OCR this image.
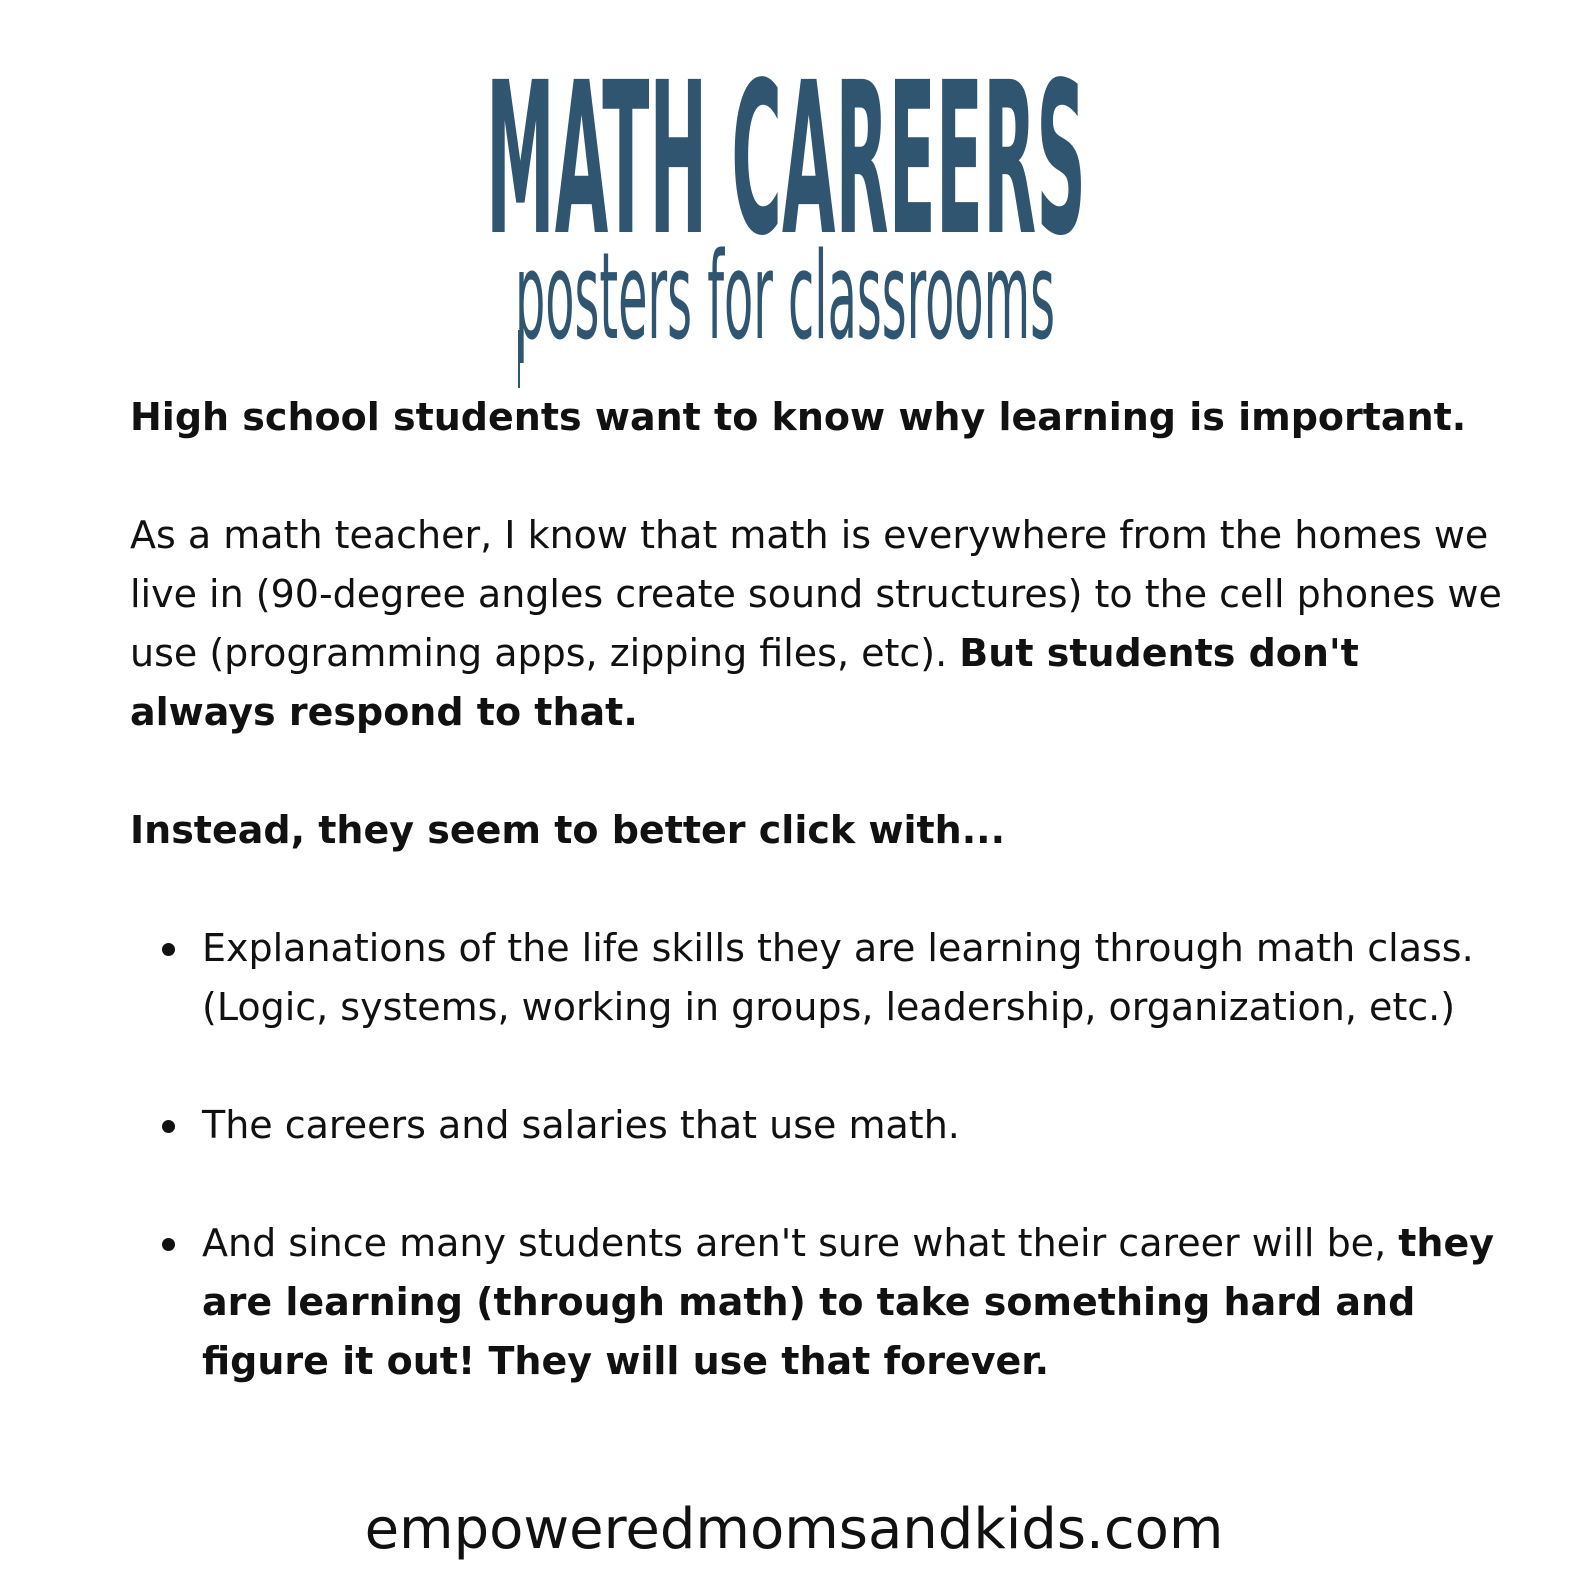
MATH CAREERS
posters for classrooms

High school students want to know why learning is important.

As a math teacher, I know that math is everywhere from the homes we live in (90-degree angles create sound structures) to the cell phones we use (programming apps, zipping files, etc). But students don't always respond to that.

Instead, they seem to better click with...

Explanations of the life skills they are learning through math class. (Logic, systems, working in groups, leadership, organization, etc.)
The careers and salaries that use math.
And since many students aren't sure what their career will be, they are learning (through math) to take something hard and figure it out! They will use that forever.
empoweredmomsandkids.com
